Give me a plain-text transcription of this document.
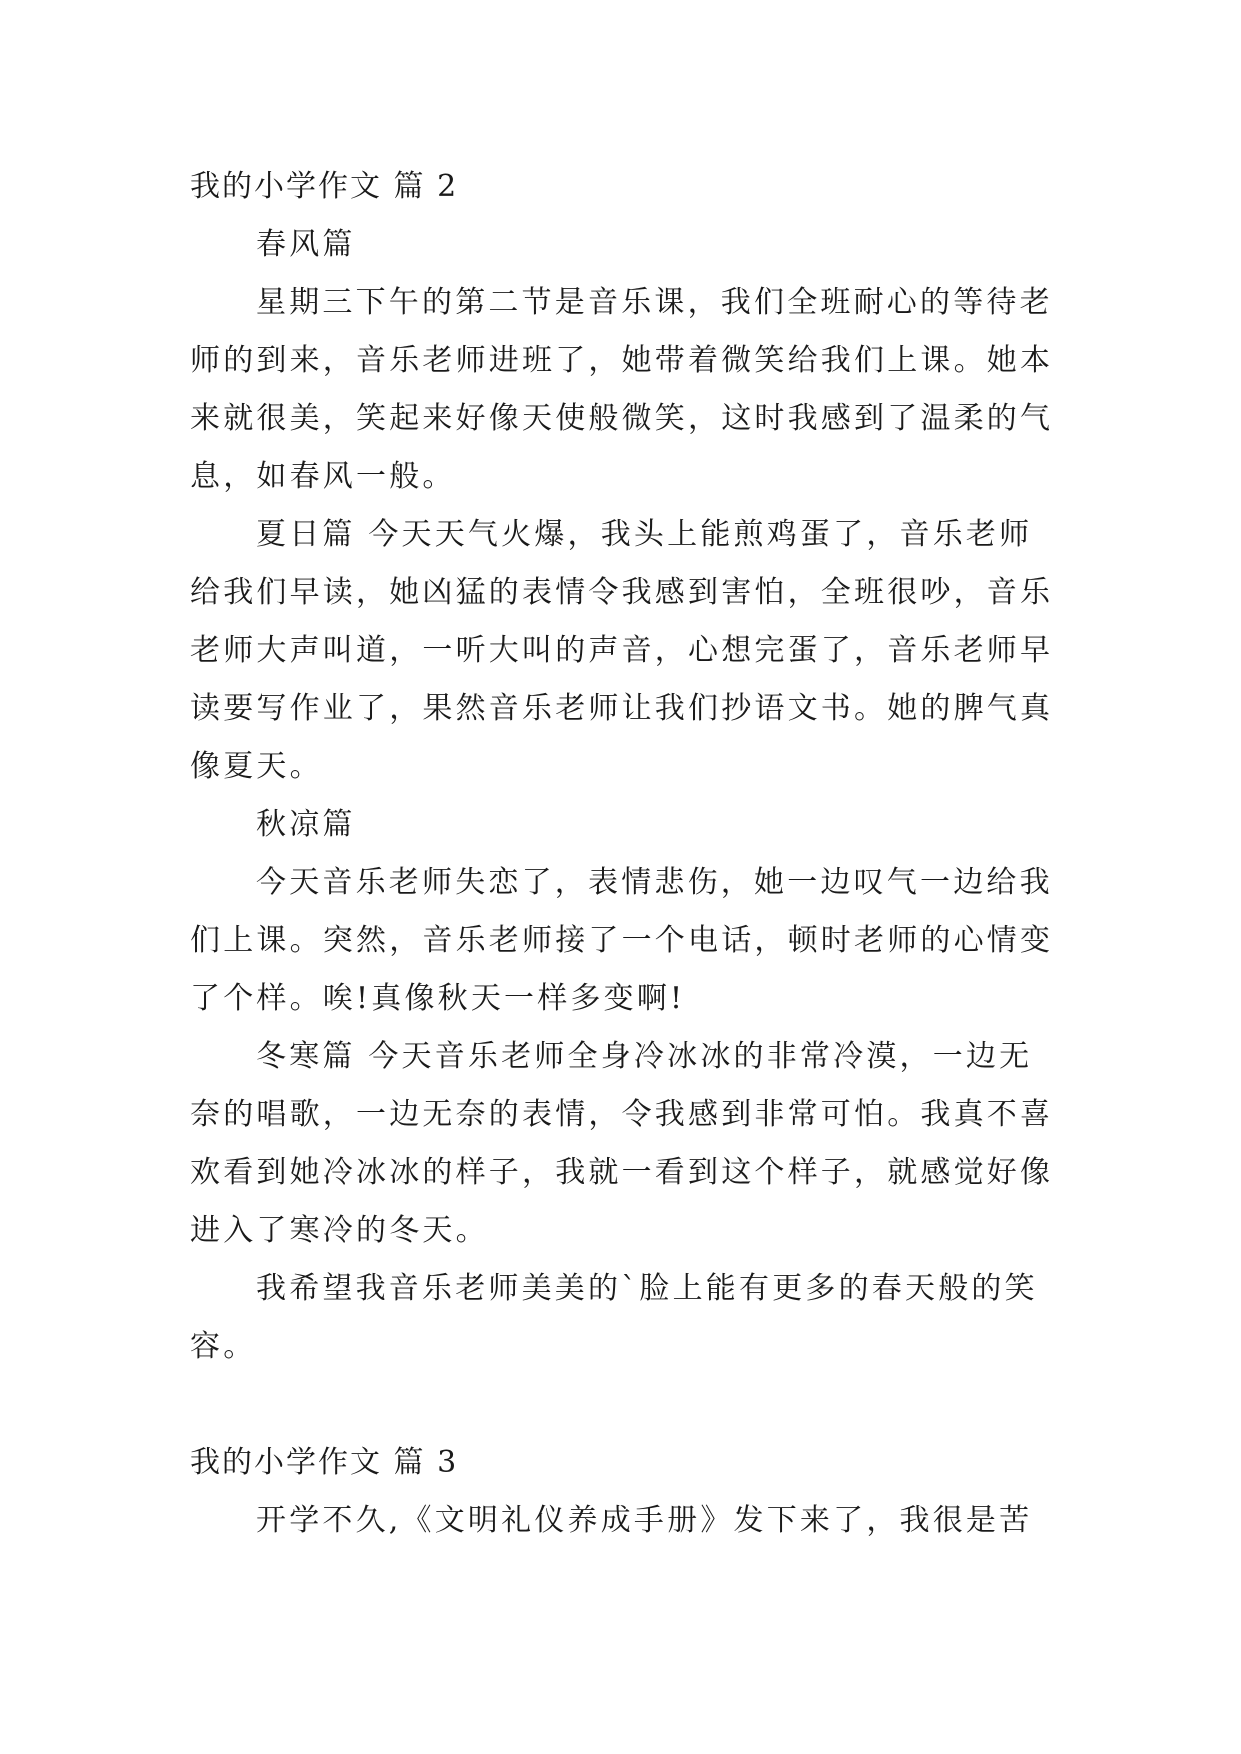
我的小学作文 篇 2
春风篇
星期三下午的第二节是音乐课，我们全班耐心的等待老
师的到来，音乐老师进班了，她带着微笑给我们上课。她本
来就很美，笑起来好像天使般微笑，这时我感到了温柔的气
息，如春风一般。
夏日篇 今天天气火爆，我头上能煎鸡蛋了，音乐老师
给我们早读，她凶猛的表情令我感到害怕，全班很吵，音乐
老师大声叫道，一听大叫的声音，心想完蛋了，音乐老师早
读要写作业了，果然音乐老师让我们抄语文书。她的脾气真
像夏天。
秋凉篇
今天音乐老师失恋了，表情悲伤，她一边叹气一边给我
们上课。突然，音乐老师接了一个电话，顿时老师的心情变
了个样。唉!真像秋天一样多变啊!
冬寒篇 今天音乐老师全身冷冰冰的非常冷漠，一边无
奈的唱歌，一边无奈的表情，令我感到非常可怕。我真不喜
欢看到她冷冰冰的样子，我就一看到这个样子，就感觉好像
进入了寒冷的冬天。
我希望我音乐老师美美的`脸上能有更多的春天般的笑
容。
我的小学作文 篇 3
开学不久,《文明礼仪养成手册》发下来了，我很是苦
